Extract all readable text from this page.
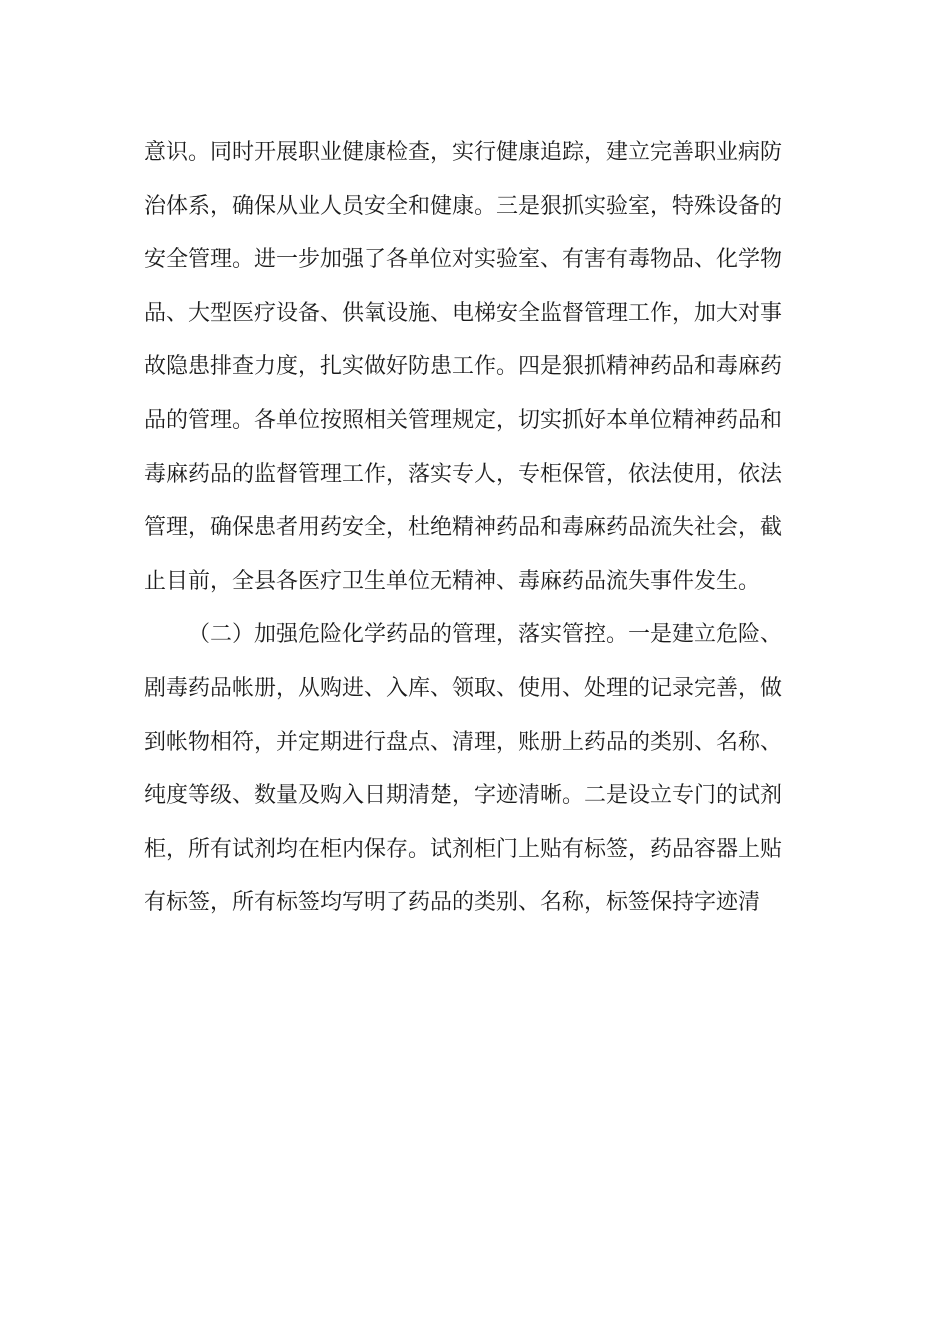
意识。同时开展职业健康检查，实行健康追踪，建立完善职业病防
治体系，确保从业人员安全和健康。三是狠抓实验室，特殊设备的
安全管理。进一步加强了各单位对实验室、有害有毒物品、化学物
品、大型医疗设备、供氧设施、电梯安全监督管理工作，加大对事
故隐患排查力度，扎实做好防患工作。四是狠抓精神药品和毒麻药
品的管理。各单位按照相关管理规定，切实抓好本单位精神药品和
毒麻药品的监督管理工作，落实专人，专柜保管，依法使用，依法
管理，确保患者用药安全，杜绝精神药品和毒麻药品流失社会，截
止目前，全县各医疗卫生单位无精神、毒麻药品流失事件发生。
（二）加强危险化学药品的管理，落实管控。一是建立危险、
剧毒药品帐册，从购进、入库、领取、使用、处理的记录完善，做
到帐物相符，并定期进行盘点、清理，账册上药品的类别、名称、
纯度等级、数量及购入日期清楚，字迹清晰。二是设立专门的试剂
柜，所有试剂均在柜内保存。试剂柜门上贴有标签，药品容器上贴
有标签，所有标签均写明了药品的类别、名称，标签保持字迹清
